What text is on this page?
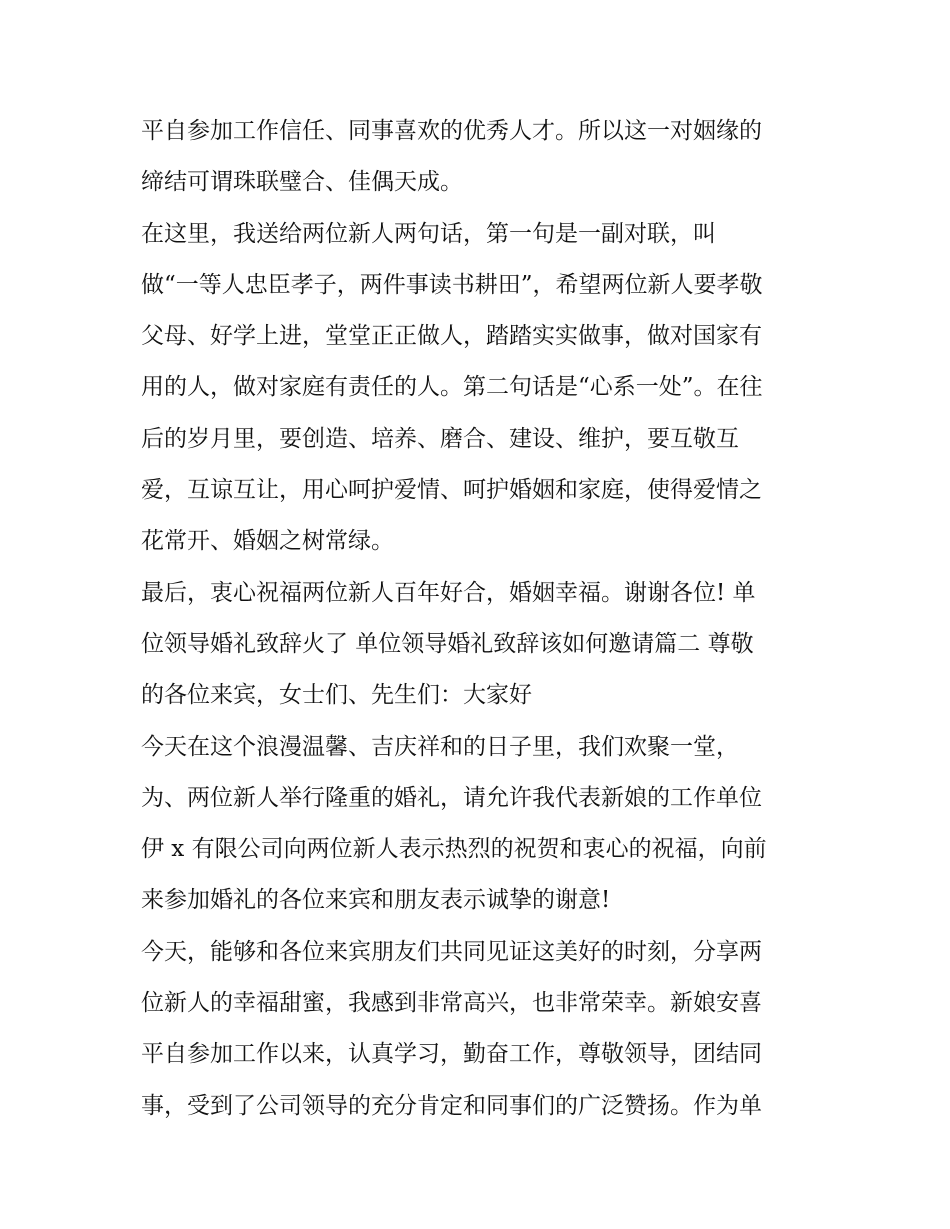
平自参加工作信任、同事喜欢的优秀人才。所以这一对姻缘的
缔结可谓珠联璧合、佳偶天成。
在这里，我送给两位新人两句话，第一句是一副对联，叫
做“一等人忠臣孝子，两件事读书耕田”，希望两位新人要孝敬
父母、好学上进，堂堂正正做人，踏踏实实做事，做对国家有
用的人，做对家庭有责任的人。第二句话是“心系一处”。在往
后的岁月里，要创造、培养、磨合、建设、维护，要互敬互
爱，互谅互让，用心呵护爱情、呵护婚姻和家庭，使得爱情之
花常开、婚姻之树常绿。
最后，衷心祝福两位新人百年好合，婚姻幸福。谢谢各位! 单
位领导婚礼致辞火了 单位领导婚礼致辞该如何邀请篇二 尊敬
的各位来宾，女士们、先生们：大家好
今天在这个浪漫温馨、吉庆祥和的日子里，我们欢聚一堂，
为、两位新人举行隆重的婚礼，请允许我代表新娘的工作单位
伊 x 有限公司向两位新人表示热烈的祝贺和衷心的祝福，向前
来参加婚礼的各位来宾和朋友表示诚挚的谢意!
今天，能够和各位来宾朋友们共同见证这美好的时刻，分享两
位新人的幸福甜蜜，我感到非常高兴，也非常荣幸。新娘安喜
平自参加工作以来，认真学习，勤奋工作，尊敬领导，团结同
事，受到了公司领导的充分肯定和同事们的广泛赞扬。作为单
